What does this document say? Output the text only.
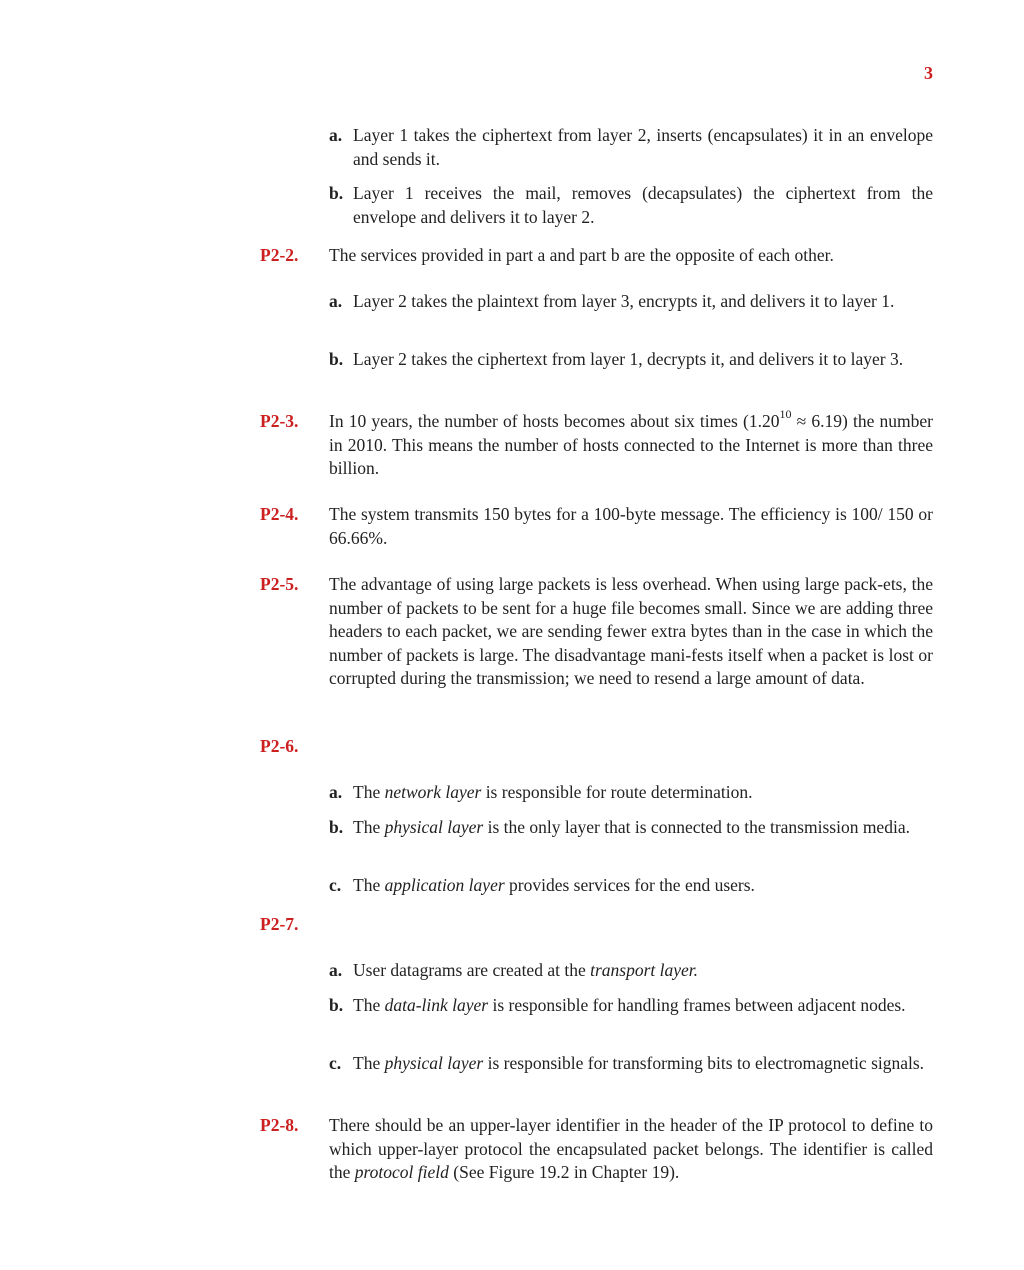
3
a. Layer 1 takes the ciphertext from layer 2, inserts (encapsulates) it in an envelope and sends it.
b. Layer 1 receives the mail, removes (decapsulates) the ciphertext from the envelope and delivers it to layer 2.
P2-2. The services provided in part a and part b are the opposite of each other.
a. Layer 2 takes the plaintext from layer 3, encrypts it, and delivers it to layer 1.
b. Layer 2 takes the ciphertext from layer 1, decrypts it, and delivers it to layer 3.
P2-3. In 10 years, the number of hosts becomes about six times $(1.20^{10} \approx 6.19)$ the number in 2010. This means the number of hosts connected to the Internet is more than three billion.
P2-4. The system transmits 150 bytes for a 100-byte message. The efficiency is 100/ 150 or 66.66%.
P2-5. The advantage of using large packets is less overhead. When using large pack-ets, the number of packets to be sent for a huge file becomes small. Since we are adding three headers to each packet, we are sending fewer extra bytes than in the case in which the number of packets is large. The disadvantage mani-fests itself when a packet is lost or corrupted during the transmission; we need to resend a large amount of data.
P2-6.
a. The network layer is responsible for route determination.
b. The physical layer is the only layer that is connected to the transmission media.
c. The application layer provides services for the end users.
P2-7.
a. User datagrams are created at the transport layer.
b. The data-link layer is responsible for handling frames between adjacent nodes.
c. The physical layer is responsible for transforming bits to electromagnetic signals.
P2-8. There should be an upper-layer identifier in the header of the IP protocol to define to which upper-layer protocol the encapsulated packet belongs. The identifier is called the protocol field (See Figure 19.2 in Chapter 19).
